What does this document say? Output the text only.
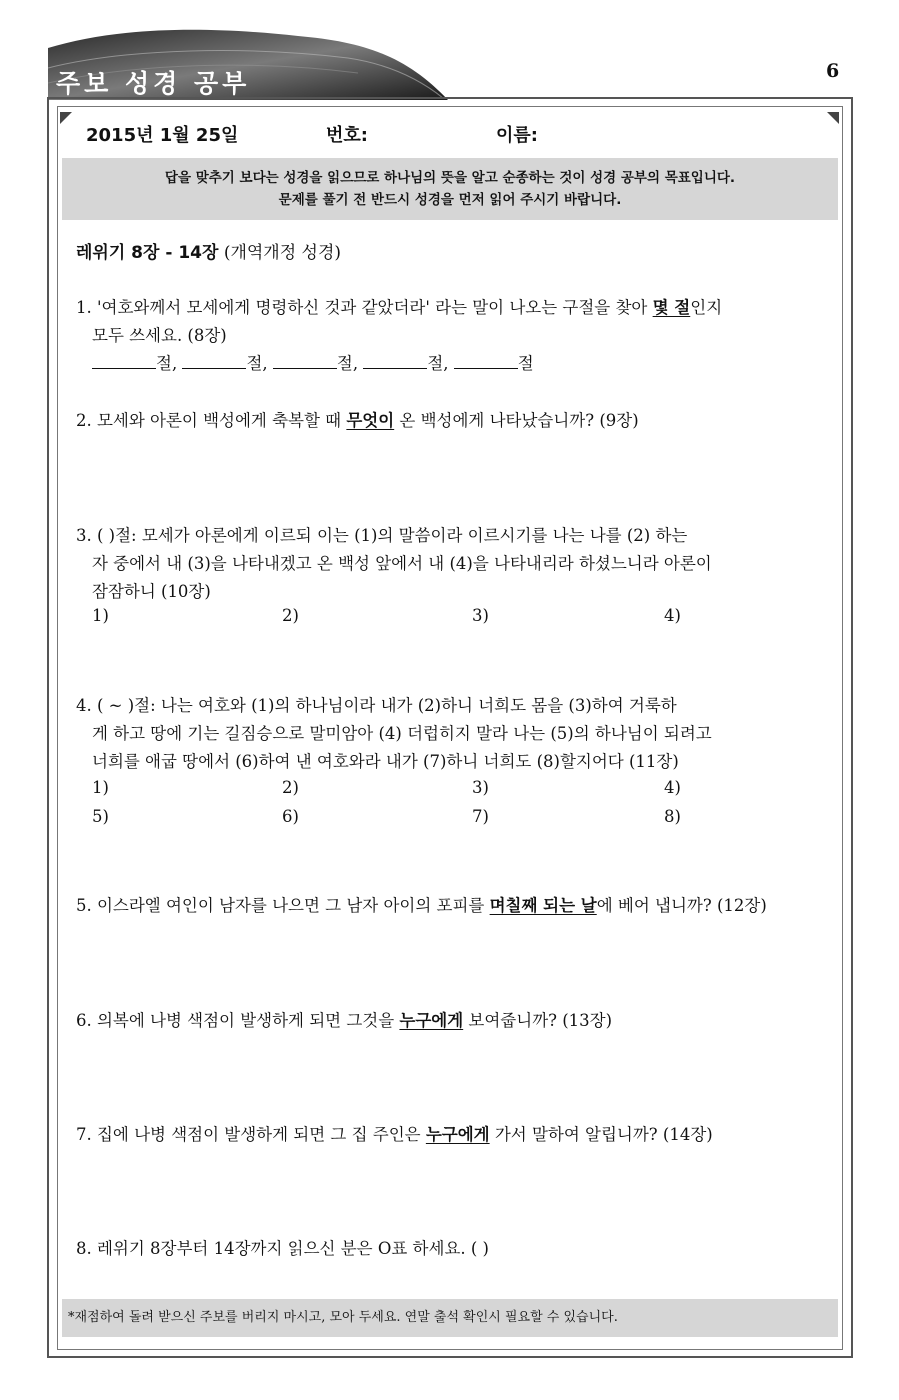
주보 성경 공부	6
2015년 1월 25일	번호:	이름:
답을 맞추기 보다는 성경을 읽으므로 하나님의 뜻을 알고 순종하는 것이 성경 공부의 목표입니다.
문제를 풀기 전 반드시 성경을 먼저 읽어 주시기 바랍니다.
레위기 8장 - 14장 (개역개정 성경)
1. '여호와께서 모세에게 명령하신 것과 같았더라' 라는 말이 나오는 구절을 찾아 몇 절인지
모두 쓰세요. (8장)
절,	절,	절,	절,	절
2. 모세와 아론이 백성에게 축복할 때 무엇이 온 백성에게 나타났습니까? (9장)
3. ( )절: 모세가 아론에게 이르되 이는 (1)의 말씀이라 이르시기를 나는 나를 (2) 하는
자 중에서 내 (3)을 나타내겠고 온 백성 앞에서 내 (4)을 나타내리라 하셨느니라 아론이
잠잠하니 (10장)
1)	2)	3)	4)
4. ( ~ )절: 나는 여호와 (1)의 하나님이라 내가 (2)하니 너희도 몸을 (3)하여 거룩하
게 하고 땅에 기는 길짐승으로 말미암아 (4) 더럽히지 말라 나는 (5)의 하나님이 되려고
너희를 애굽 땅에서 (6)하여 낸 여호와라 내가 (7)하니 너희도 (8)할지어다 (11장)
1)	2)	3)	4)
5)	6)	7)	8)
5. 이스라엘 여인이 남자를 나으면 그 남자 아이의 포피를 며칠째 되는 날에 베어 냅니까? (12장)
6. 의복에 나병 색점이 발생하게 되면 그것을 누구에게 보여줍니까? (13장)
7. 집에 나병 색점이 발생하게 되면 그 집 주인은 누구에게 가서 말하여 알립니까? (14장)
8. 레위기 8장부터 14장까지 읽으신 분은 O표 하세요. ( )
*재점하여 돌려 받으신 주보를 버리지 마시고, 모아 두세요. 연말 출석 확인시 필요할 수 있습니다.
